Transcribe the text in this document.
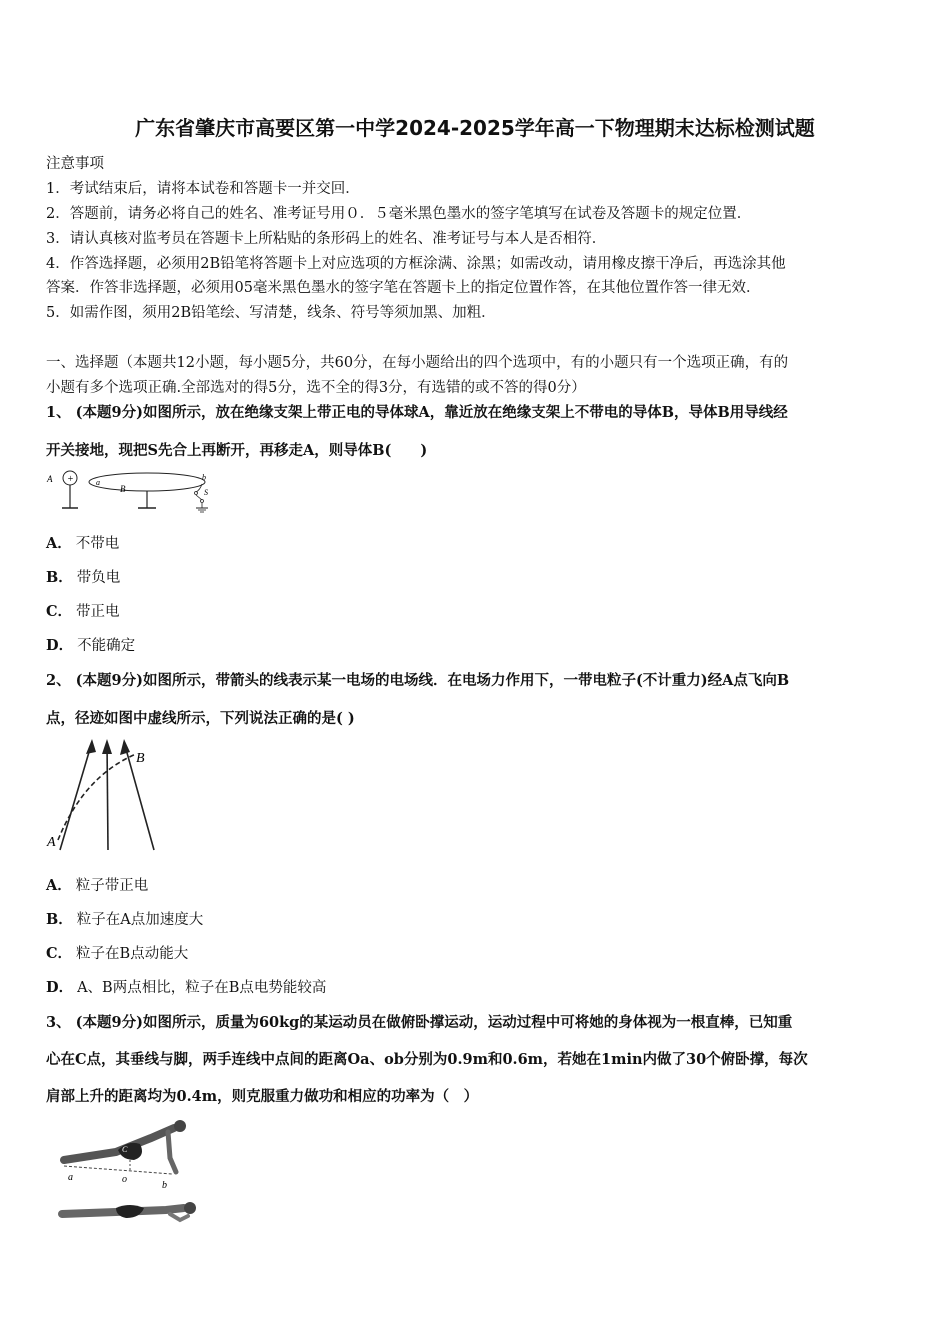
广东省肇庆市高要区第一中学2024-2025学年高一下物理期末达标检测试题
注意事项
1．考试结束后，请将本试卷和答题卡一并交回．
2．答题前，请务必将自己的姓名、准考证号用０．５毫米黑色墨水的签字笔填写在试卷及答题卡的规定位置．
3．请认真核对监考员在答题卡上所粘贴的条形码上的姓名、准考证号与本人是否相符．
4．作答选择题，必须用2B铅笔将答题卡上对应选项的方框涂满、涂黑；如需改动，请用橡皮擦干净后，再选涂其他
答案．作答非选择题，必须用05毫米黑色墨水的签字笔在答题卡上的指定位置作答，在其他位置作答一律无效．
5．如需作图，须用2B铅笔绘、写清楚，线条、符号等须加黑、加粗．
一、选择题（本题共12小题，每小题5分，共60分，在每小题给出的四个选项中，有的小题只有一个选项正确，有的
小题有多个选项正确.全部选对的得5分，选不全的得3分，有选错的或不答的得0分）
1、 (本题9分)如图所示，放在绝缘支架上带正电的导体球A，靠近放在绝缘支架上不带电的导体B，导体B用导线经
开关接地，现把S先合上再断开，再移走A，则导体B(　　)
A +	a
B
b
S
A． 不带电
B． 带负电
C． 带正电
D． 不能确定
2、 (本题9分)如图所示，带箭头的线表示某一电场的电场线．在电场力作用下，一带电粒子(不计重力)经A点飞向B
点，径迹如图中虚线所示，下列说法正确的是( )
A
B
A． 粒子带正电
B． 粒子在A点加速度大
C． 粒子在B点动能大
D． A、B两点相比，粒子在B点电势能较高
3、 (本题9分)如图所示，质量为60kg的某运动员在做俯卧撑运动，运动过程中可将她的身体视为一根直棒，已知重
心在C点，其垂线与脚，两手连线中点间的距离Oa、ob分别为0.9m和0.6m，若她在1min内做了30个俯卧撑，每次
肩部上升的距离均为0.4m，则克服重力做功和相应的功率为（　）
C
a	o
b
